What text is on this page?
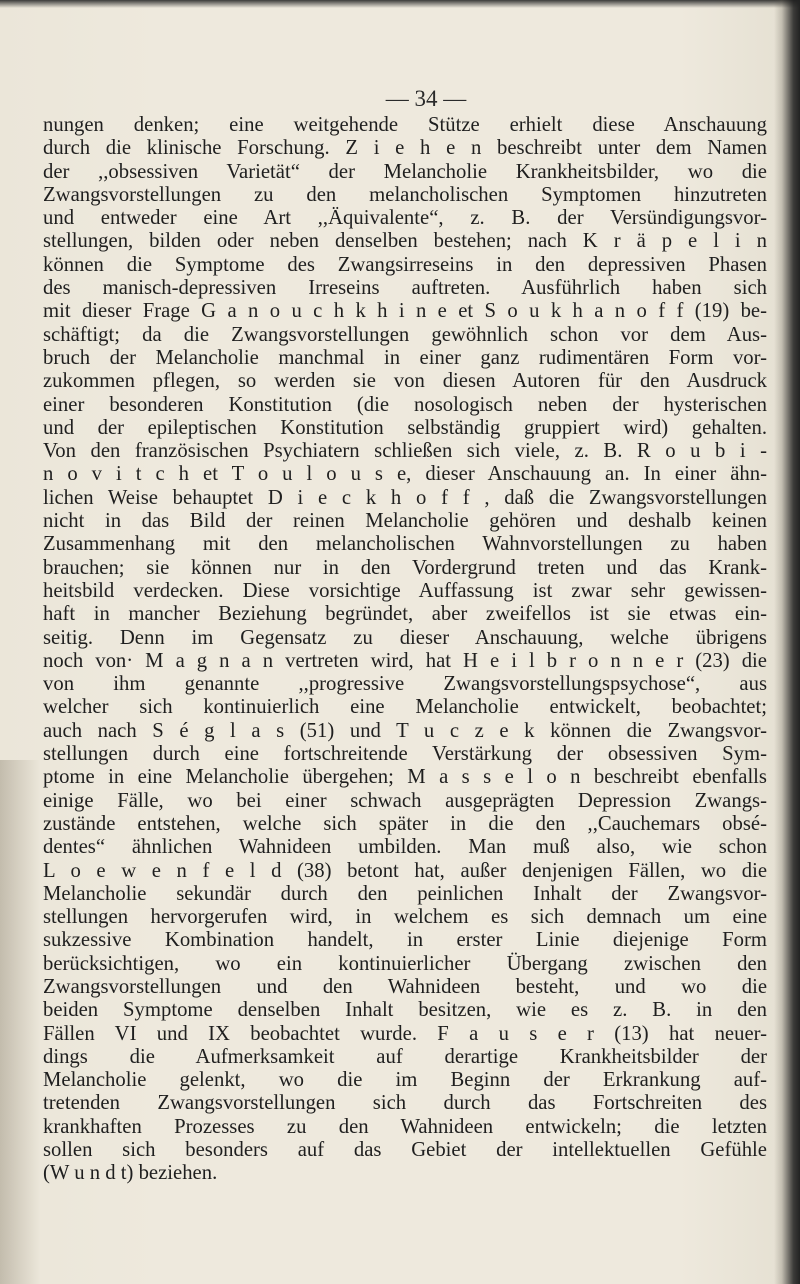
— 34 —
nungen denken; eine weitgehende Stütze erhielt diese Anschauung
durch die klinische Forschung. Z i e h e n beschreibt unter dem Namen
der ,,obsessiven Varietät“ der Melancholie Krankheitsbilder, wo die
Zwangsvorstellungen zu den melancholischen Symptomen hinzutreten
und entweder eine Art ,,Äquivalente“, z. B. der Versündigungsvor-
stellungen, bilden oder neben denselben bestehen; nach K r ä p e l i n
können die Symptome des Zwangsirreseins in den depressiven Phasen
des manisch-depressiven Irreseins auftreten. Ausführlich haben sich
mit dieser Frage G a n o u c h k h i n e et S o u k h a n o f f (19) be-
schäftigt; da die Zwangsvorstellungen gewöhnlich schon vor dem Aus-
bruch der Melancholie manchmal in einer ganz rudimentären Form vor-
zukommen pflegen, so werden sie von diesen Autoren für den Ausdruck
einer besonderen Konstitution (die nosologisch neben der hysterischen
und der epileptischen Konstitution selbständig gruppiert wird) gehalten.
Von den französischen Psychiatern schließen sich viele, z. B. R o u b i -
n o v i t c h et T o u l o u s e, dieser Anschauung an. In einer ähn-
lichen Weise behauptet D i e c k h o f f , daß die Zwangsvorstellungen
nicht in das Bild der reinen Melancholie gehören und deshalb keinen
Zusammenhang mit den melancholischen Wahnvorstellungen zu haben
brauchen; sie können nur in den Vordergrund treten und das Krank-
heitsbild verdecken. Diese vorsichtige Auffassung ist zwar sehr gewissen-
haft in mancher Beziehung begründet, aber zweifellos ist sie etwas ein-
seitig. Denn im Gegensatz zu dieser Anschauung, welche übrigens
noch von· M a g n a n vertreten wird, hat H e i l b r o n n e r (23) die
von ihm genannte ,,progressive Zwangsvorstellungspsychose“, aus
welcher sich kontinuierlich eine Melancholie entwickelt, beobachtet;
auch nach S é g l a s (51) und T u c z e k können die Zwangsvor-
stellungen durch eine fortschreitende Verstärkung der obsessiven Sym-
ptome in eine Melancholie übergehen; M a s s e l o n beschreibt ebenfalls
einige Fälle, wo bei einer schwach ausgeprägten Depression Zwangs-
zustände entstehen, welche sich später in die den ,,Cauchemars obsé-
dentes“ ähnlichen Wahnideen umbilden. Man muß also, wie schon
L o e w e n f e l d (38) betont hat, außer denjenigen Fällen, wo die
Melancholie sekundär durch den peinlichen Inhalt der Zwangsvor-
stellungen hervorgerufen wird, in welchem es sich demnach um eine
sukzessive Kombination handelt, in erster Linie diejenige Form
berücksichtigen, wo ein kontinuierlicher Übergang zwischen den
Zwangsvorstellungen und den Wahnideen besteht, und wo die
beiden Symptome denselben Inhalt besitzen, wie es z. B. in den
Fällen VI und IX beobachtet wurde. F a u s e r (13) hat neuer-
dings die Aufmerksamkeit auf derartige Krankheitsbilder der
Melancholie gelenkt, wo die im Beginn der Erkrankung auf-
tretenden Zwangsvorstellungen sich durch das Fortschreiten des
krankhaften Prozesses zu den Wahnideen entwickeln; die letzten
sollen sich besonders auf das Gebiet der intellektuellen Gefühle
(W u n d t) beziehen.
